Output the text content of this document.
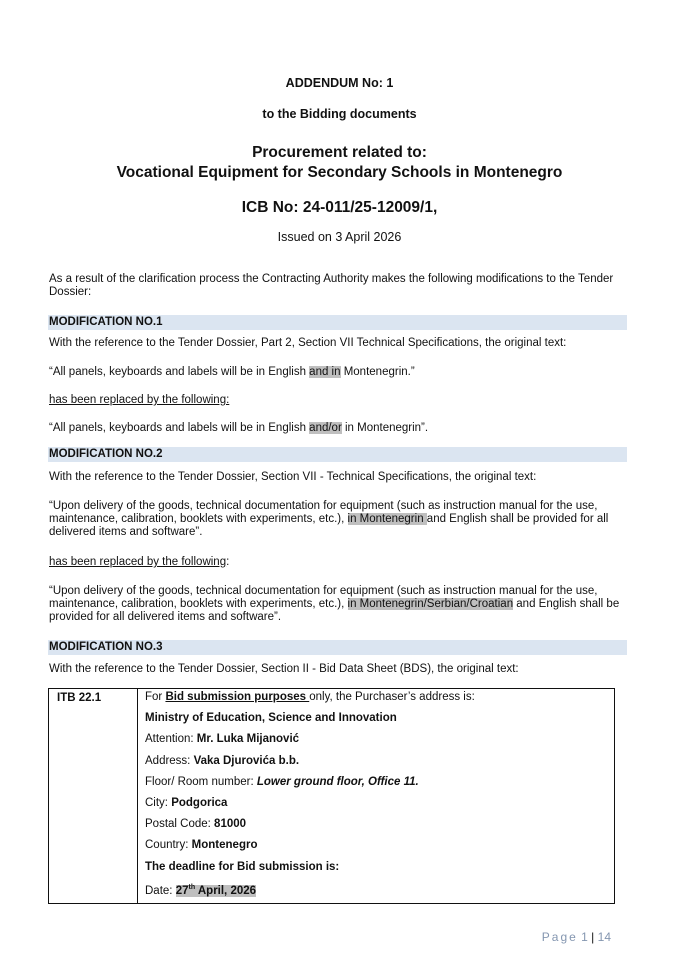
ADDENDUM No: 1
to the Bidding documents
Procurement related to:
Vocational Equipment for Secondary Schools in Montenegro
ICB No: 24-011/25-12009/1,
Issued on 3 April 2026
As a result of the clarification process the Contracting Authority makes the following modifications to the Tender Dossier:
MODIFICATION NO.1
With the reference to the Tender Dossier, Part 2, Section VII Technical Specifications, the original text:
“All panels, keyboards and labels will be in English and in Montenegrin.”
has been replaced by the following:
“All panels, keyboards and labels will be in English and/or in Montenegrin”.
MODIFICATION NO.2
With the reference to the Tender Dossier, Section VII - Technical Specifications, the original text:
“Upon delivery of the goods, technical documentation for equipment (such as instruction manual for the use, maintenance, calibration, booklets with experiments, etc.), in Montenegrin and English shall be provided for all delivered items and software”.
has been replaced by the following:
“Upon delivery of the goods, technical documentation for equipment (such as instruction manual for the use, maintenance, calibration, booklets with experiments, etc.), in Montenegrin/Serbian/Croatian and English shall be provided for all delivered items and software”.
MODIFICATION NO.3
With the reference to the Tender Dossier, Section II - Bid Data Sheet (BDS), the original text:
ITB 22.1	For Bid submission purposes only, the Purchaser’s address is:
Ministry of Education, Science and Innovation
Attention: Mr. Luka Mijanović
Address: Vaka Djurovića b.b.
Floor/ Room number: Lower ground floor, Office 11.
City: Podgorica
Postal Code: 81000
Country: Montenegro
The deadline for Bid submission is:
Date: 27th April, 2026
Page 1 | 14
